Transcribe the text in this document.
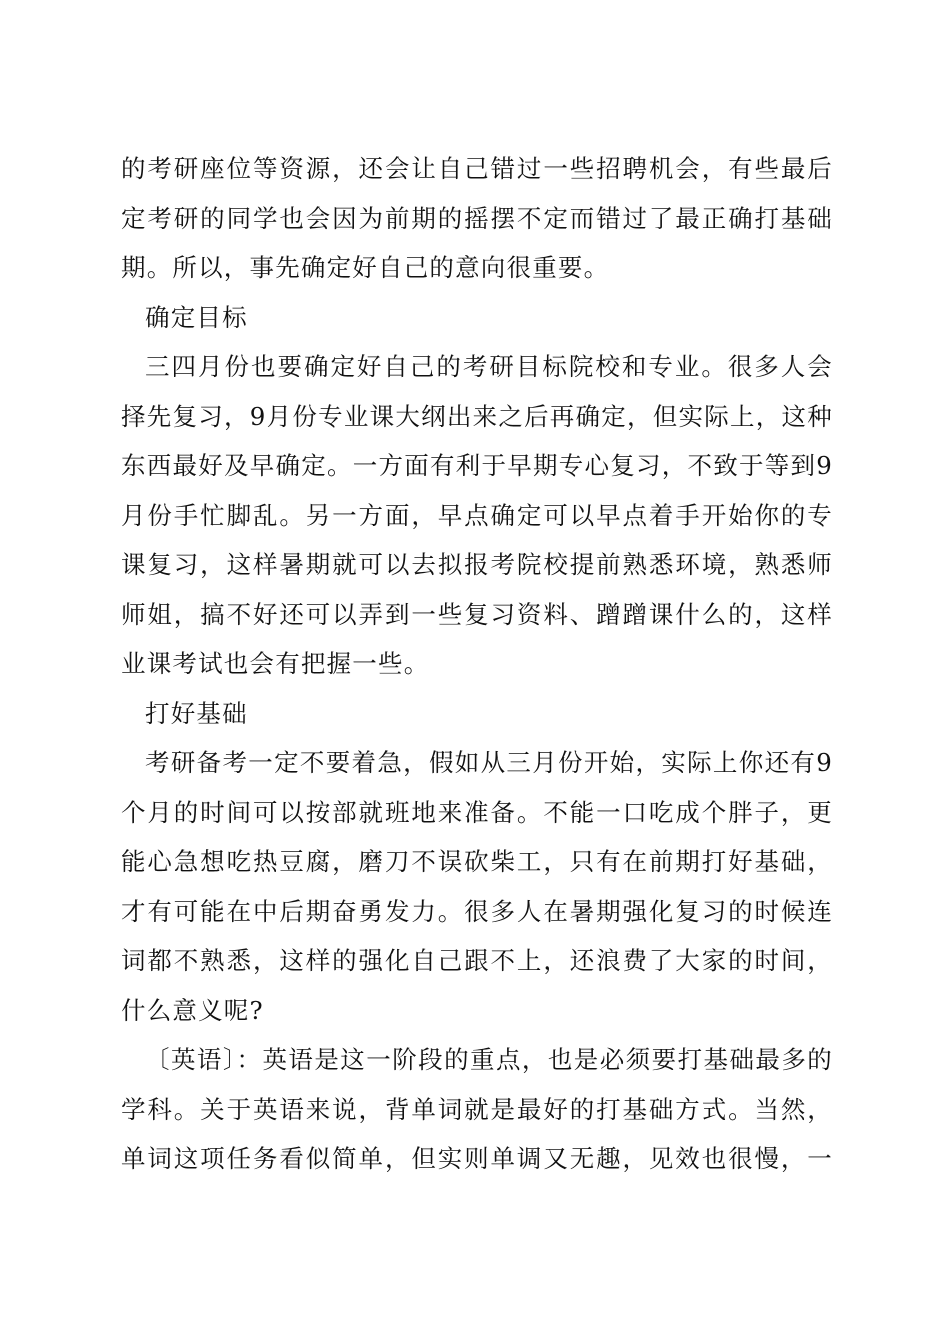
的考研座位等资源，还会让自己错过一些招聘机会，有些最后
定考研的同学也会因为前期的摇摆不定而错过了最正确打基础
期。所以，事先确定好自己的意向很重要。
确定目标
三四月份也要确定好自己的考研目标院校和专业。很多人会
择先复习，9月份专业课大纲出来之后再确定，但实际上，这种
东西最好及早确定。一方面有利于早期专心复习，不致于等到9
月份手忙脚乱。另一方面，早点确定可以早点着手开始你的专
课复习，这样暑期就可以去拟报考院校提前熟悉环境，熟悉师
师姐，搞不好还可以弄到一些复习资料、蹭蹭课什么的，这样
业课考试也会有把握一些。
打好基础
考研备考一定不要着急，假如从三月份开始，实际上你还有9
个月的时间可以按部就班地来准备。不能一口吃成个胖子，更
能心急想吃热豆腐，磨刀不误砍柴工，只有在前期打好基础，
才有可能在中后期奋勇发力。很多人在暑期强化复习的时候连
词都不熟悉，这样的强化自己跟不上，还浪费了大家的时间，
什么意义呢?
〔英语〕：英语是这一阶段的重点，也是必须要打基础最多的
学科。关于英语来说，背单词就是最好的打基础方式。当然，
单词这项任务看似简单，但实则单调又无趣，见效也很慢，一
